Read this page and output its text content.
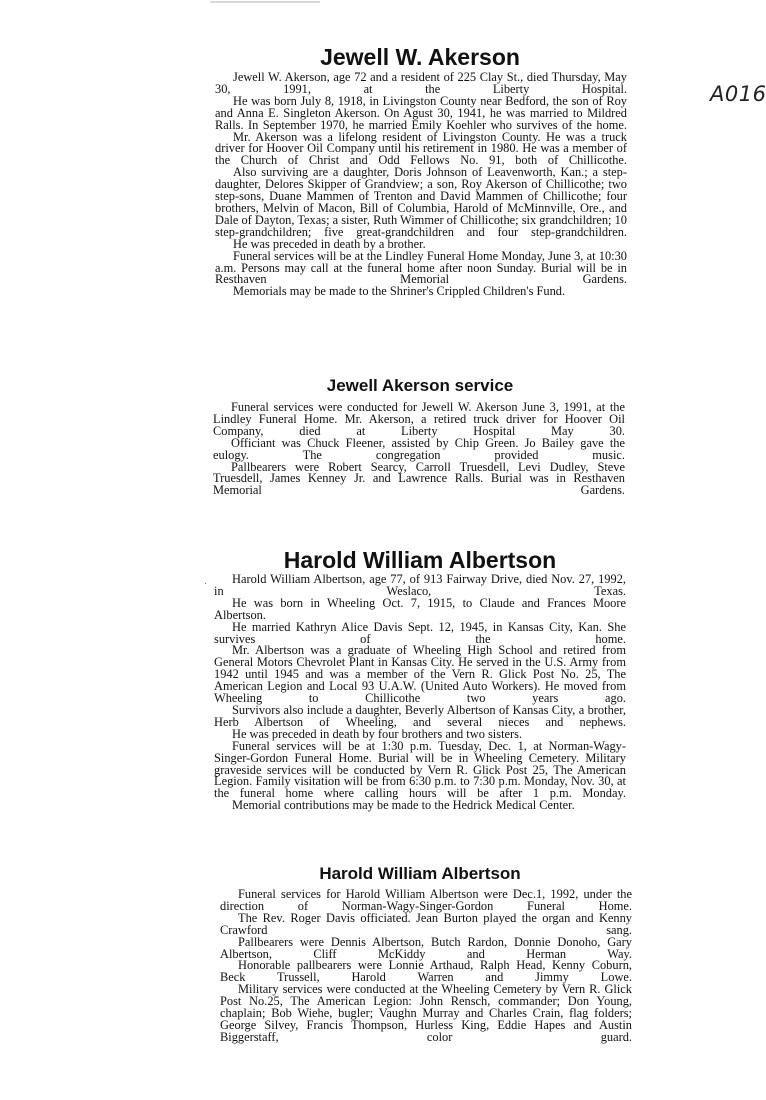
A016
·
Jewell W. Akerson

Jewell W. Akerson, age 72 and a resident of 225 Clay St., died Thursday, May 30, 1991, at the Liberty Hospital.

He was born July 8, 1918, in Livingston County near Bedford, the son of Roy and Anna E. Singleton Akerson. On Agust 30, 1941, he was married to Mildred Ralls. In September 1970, he married Emily Koehler who survives of the home.

Mr. Akerson was a lifelong resident of Livingston County. He was a truck driver for Hoover Oil Company until his retirement in 1980. He was a member of the Church of Christ and Odd Fellows No. 91, both of Chillicothe.

Also surviving are a daughter, Doris Johnson of Leavenworth, Kan.; a step-daughter, Delores Skipper of Grandview; a son, Roy Akerson of Chillicothe; two step-sons, Duane Mammen of Trenton and David Mammen of Chillicothe; four brothers, Melvin of Macon, Bill of Columbia, Harold of McMinnville, Ore., and Dale of Dayton, Texas; a sister, Ruth Wimmer of Chillicothe; six grandchildren; 10 step-grandchildren; five great-grandchildren and four step-grandchildren.

He was preceded in death by a brother.

Funeral services will be at the Lindley Funeral Home Monday, June 3, at 10:30 a.m. Persons may call at the funeral home after noon Sunday. Burial will be in Resthaven Memorial Gardens.

Memorials may be made to the Shriner's Crippled Children's Fund.

Jewell Akerson service

Funeral services were conducted for Jewell W. Akerson June 3, 1991, at the Lindley Funeral Home. Mr. Akerson, a retired truck driver for Hoover Oil Company, died at Liberty Hospital May 30.

Officiant was Chuck Fleener, assisted by Chip Green. Jo Bailey gave the eulogy. The congregation provided music.

Pallbearers were Robert Searcy, Carroll Truesdell, Levi Dudley, Steve Truesdell, James Kenney Jr. and Lawrence Ralls. Burial was in Resthaven Memorial Gardens.

Harold William Albertson

Harold William Albertson, age 77, of 913 Fairway Drive, died Nov. 27, 1992, in Weslaco, Texas.

He was born in Wheeling Oct. 7, 1915, to Claude and Frances Moore Albertson.

He married Kathryn Alice Davis Sept. 12, 1945, in Kansas City, Kan. She survives of the home.

Mr. Albertson was a graduate of Wheeling High School and retired from General Motors Chevrolet Plant in Kansas City. He served in the U.S. Army from 1942 until 1945 and was a member of the Vern R. Glick Post No. 25, The American Legion and Local 93 U.A.W. (United Auto Workers). He moved from Wheeling to Chillicothe two years ago.

Survivors also include a daughter, Beverly Albertson of Kansas City, a brother, Herb Albertson of Wheeling, and several nieces and nephews.

He was preceded in death by four brothers and two sisters.

Funeral services will be at 1:30 p.m. Tuesday, Dec. 1, at Norman-Wagy-Singer-Gordon Funeral Home. Burial will be in Wheeling Cemetery. Military graveside services will be conducted by Vern R. Glick Post 25, The American Legion. Family visitation will be from 6:30 p.m. to 7:30 p.m. Monday, Nov. 30, at the funeral home where calling hours will be after 1 p.m. Monday.

Memorial contributions may be made to the Hedrick Medical Center.

Harold William Albertson

Funeral services for Harold William Albertson were Dec.1, 1992, under the direction of Norman-Wagy-Singer-Gordon Funeral Home.

The Rev. Roger Davis officiated. Jean Burton played the organ and Kenny Crawford sang.

Pallbearers were Dennis Albertson, Butch Rardon, Donnie Donoho, Gary Albertson, Cliff McKiddy and Herman Way.

Honorable pallbearers were Lonnie Arthaud, Ralph Head, Kenny Coburn, Beck Trussell, Harold Warren and Jimmy Lowe.

Military services were conducted at the Wheeling Cemetery by Vern R. Glick Post No.25, The American Legion: John Rensch, commander; Don Young, chaplain; Bob Wiehe, bugler; Vaughn Murray and Charles Crain, flag folders; George Silvey, Francis Thompson, Hurless King, Eddie Hapes and Austin Biggerstaff, color guard.
